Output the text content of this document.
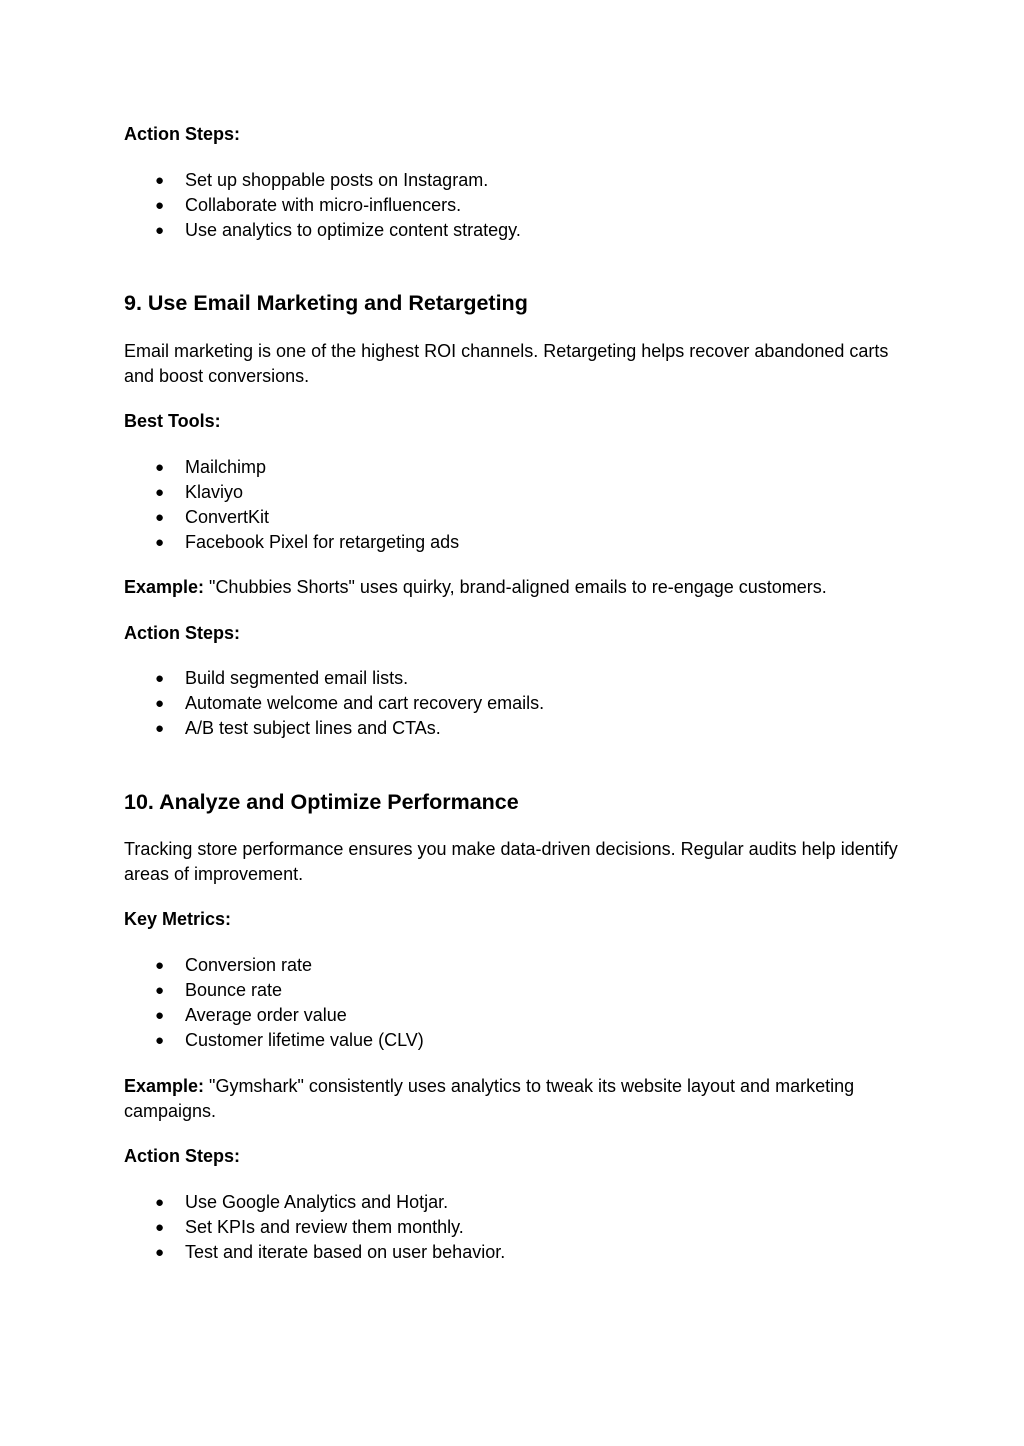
Action Steps:
● Set up shoppable posts on Instagram.
● Collaborate with micro-influencers.
● Use analytics to optimize content strategy.
9. Use Email Marketing and Retargeting
Email marketing is one of the highest ROI channels. Retargeting helps recover abandoned carts and boost conversions.
Best Tools:
● Mailchimp
● Klaviyo
● ConvertKit
● Facebook Pixel for retargeting ads
Example: "Chubbies Shorts" uses quirky, brand-aligned emails to re-engage customers.
Action Steps:
● Build segmented email lists.
● Automate welcome and cart recovery emails.
● A/B test subject lines and CTAs.
10. Analyze and Optimize Performance
Tracking store performance ensures you make data-driven decisions. Regular audits help identify areas of improvement.
Key Metrics:
● Conversion rate
● Bounce rate
● Average order value
● Customer lifetime value (CLV)
Example: "Gymshark" consistently uses analytics to tweak its website layout and marketing campaigns.
Action Steps:
● Use Google Analytics and Hotjar.
● Set KPIs and review them monthly.
● Test and iterate based on user behavior.
